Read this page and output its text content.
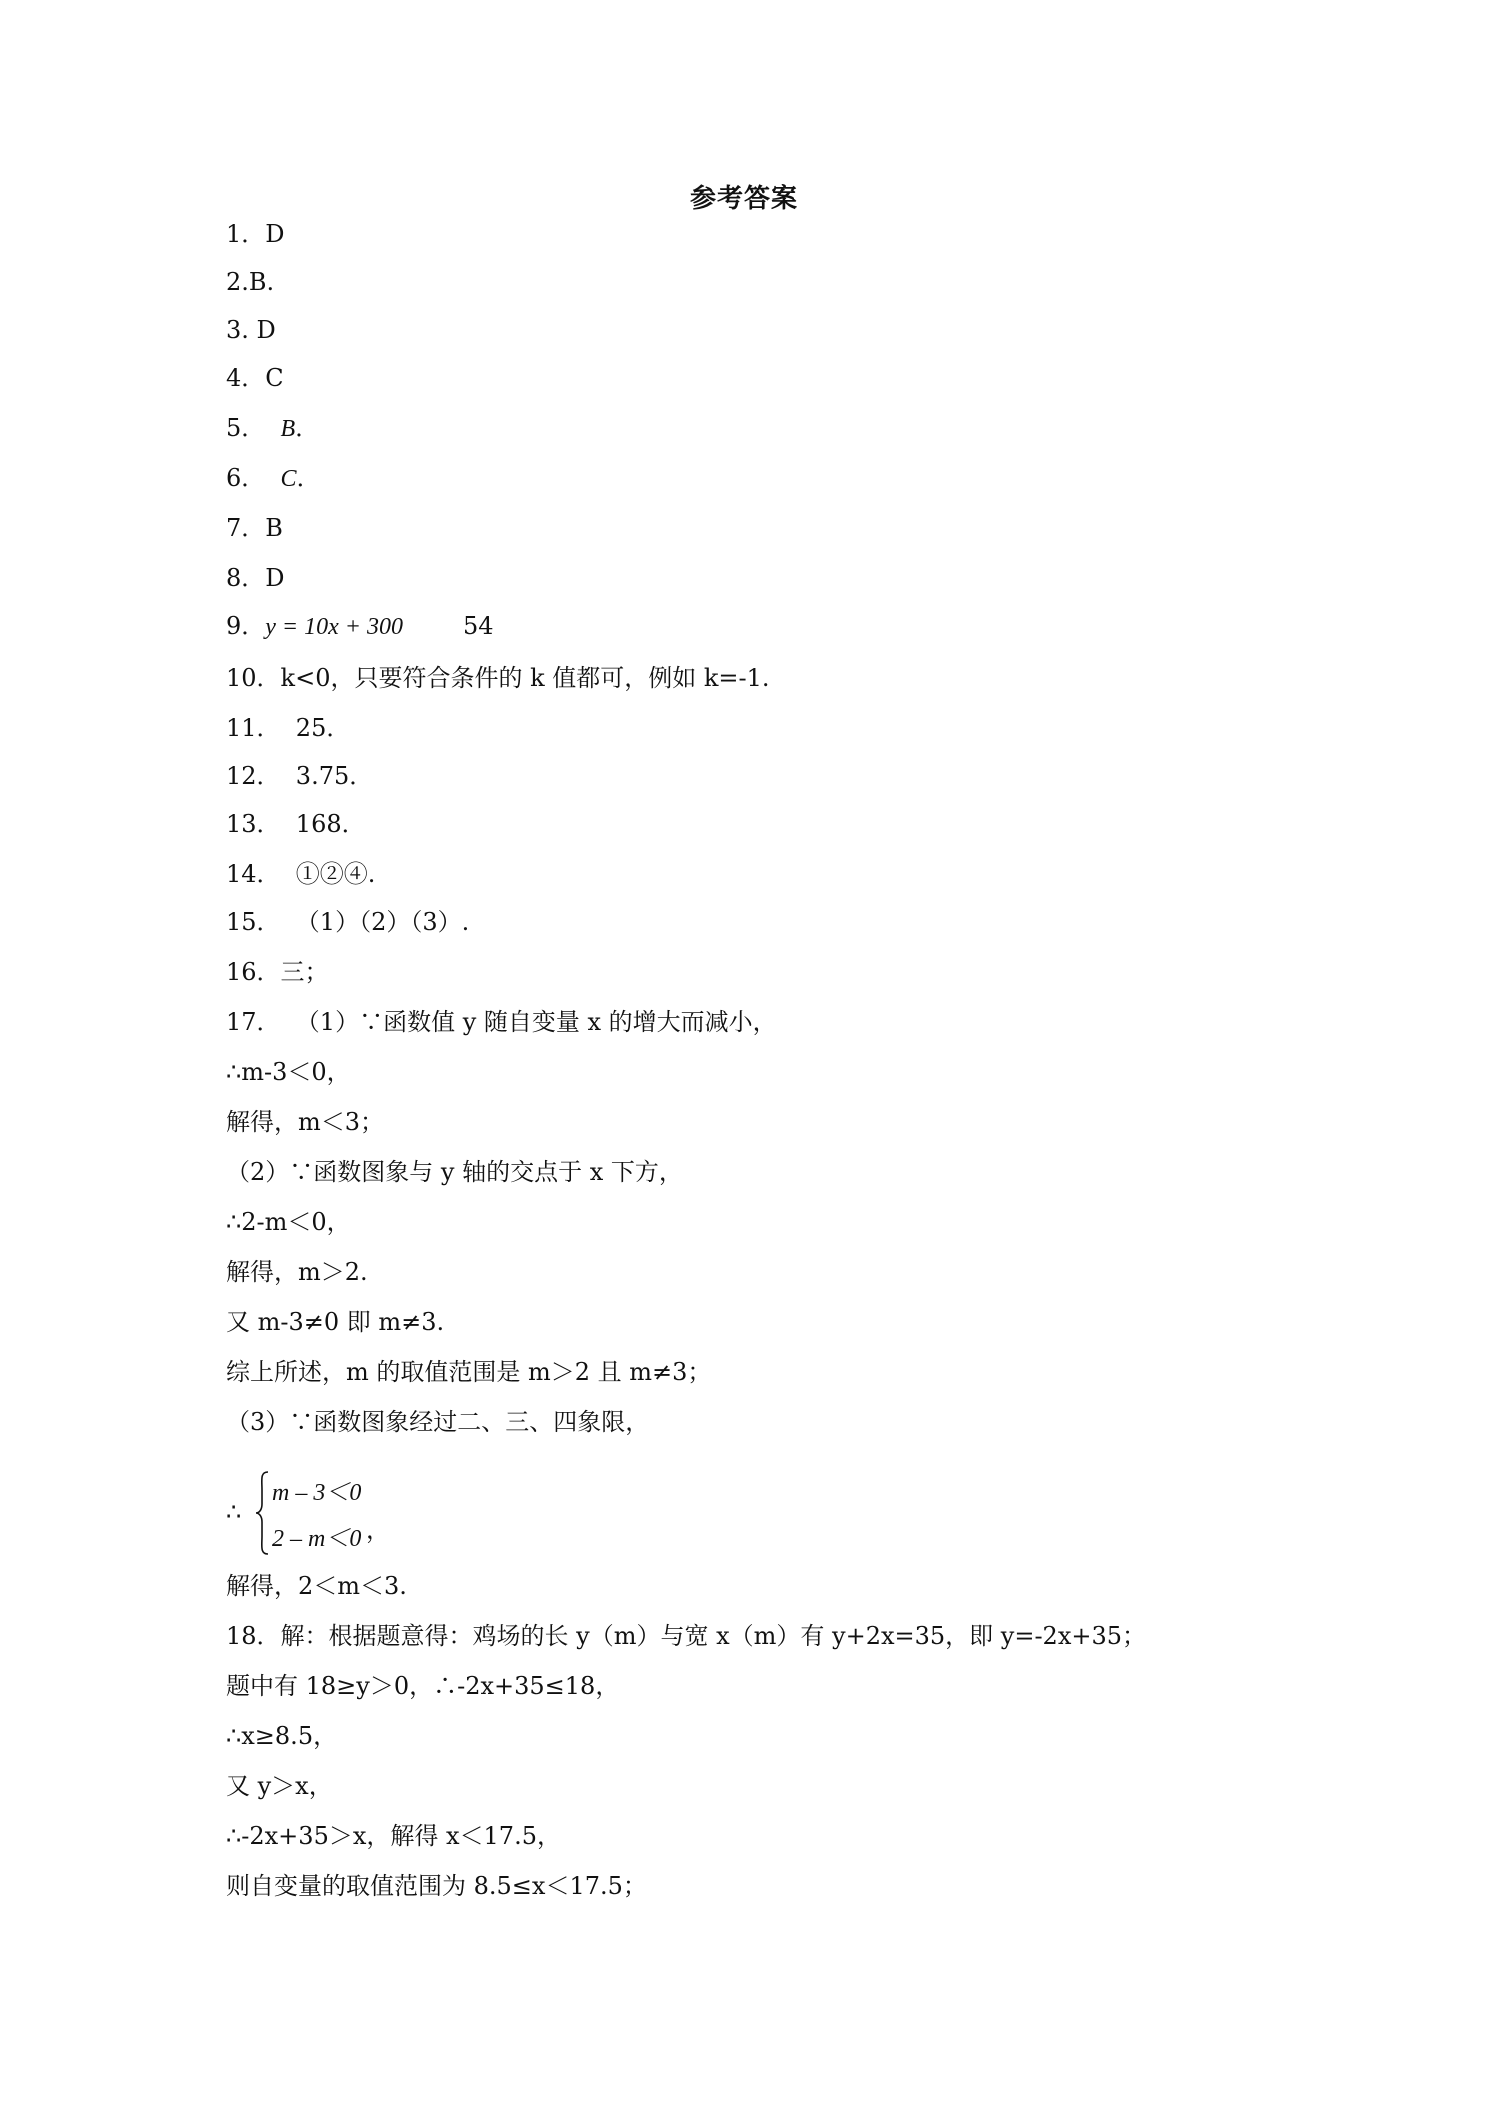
参考答案
1．D
2.B.
3. D
4．C
5． B．
6． C．
7．B
8．D
9．y = 10x + 300	54
10．k<0，只要符合条件的 k 值都可，例如 k=-1.
11．  25．
12．  3.75．
13．  168．
14．  ①②④.
15．  （1）（2）（3）.
16．三；
17．  （1）∵函数值 y 随自变量 x 的增大而减小，
∴m-3＜0，
解得，m＜3；
（2）∵函数图象与 y 轴的交点于 x 下方，
∴2-m＜0，
解得，m＞2.
又 m-3≠0 即 m≠3.
综上所述，m 的取值范围是 m＞2 且 m≠3；
（3）∵函数图象经过二、三、四象限，
∴
m – 3＜0
2 – m＜0 ，
解得，2＜m＜3.
18．解：根据题意得：鸡场的长 y（m）与宽 x（m）有 y+2x=35，即 y=-2x+35；
题中有 18≥y＞0，∴-2x+35≤18，
∴x≥8.5，
又 y＞x，
∴-2x+35＞x，解得 x＜17.5，
则自变量的取值范围为 8.5≤x＜17.5；
